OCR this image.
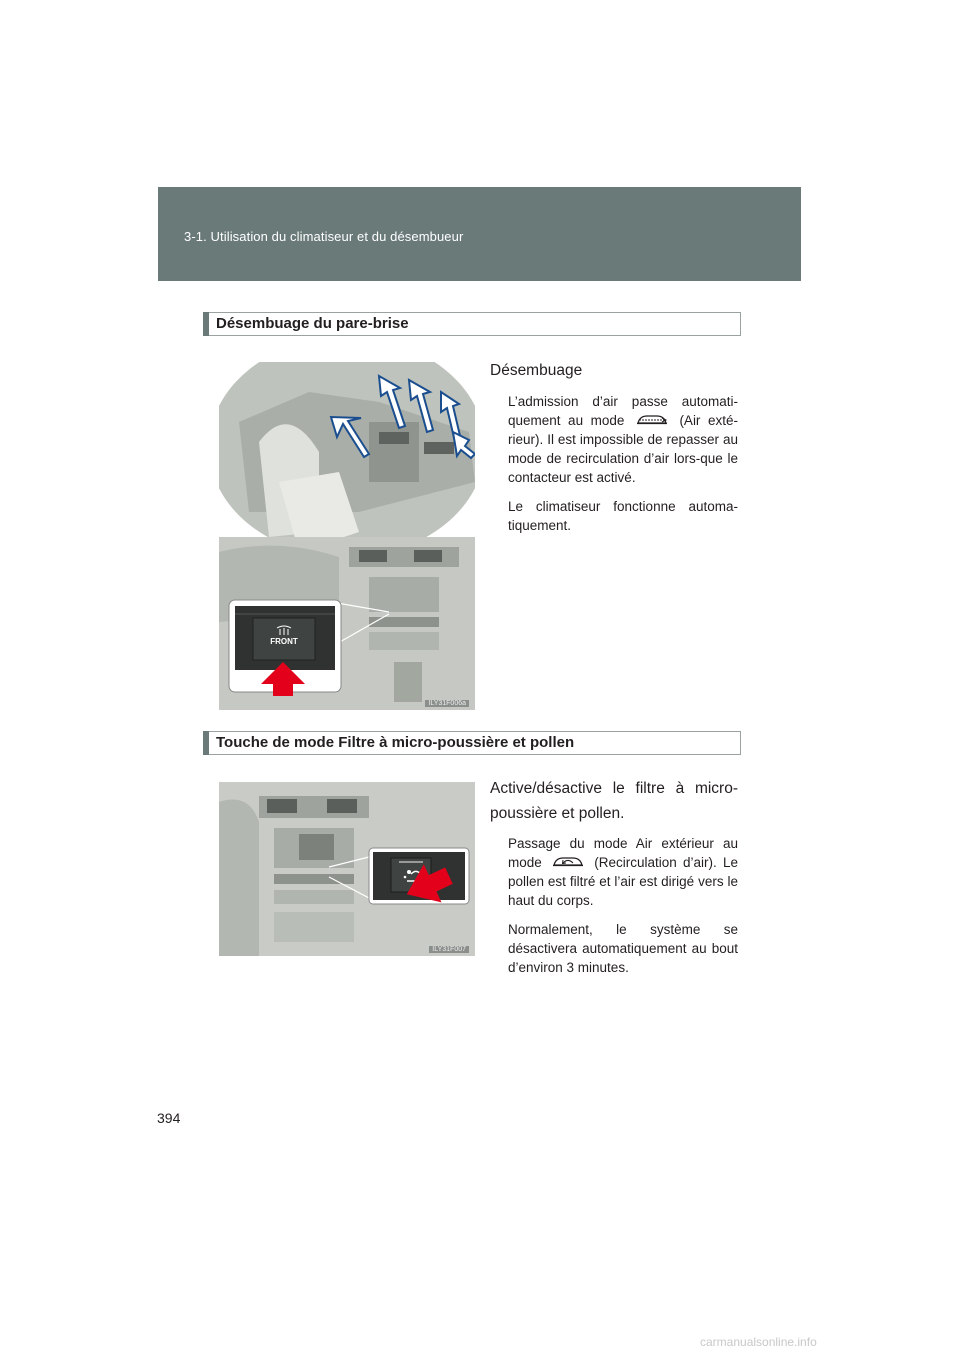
3-1. Utilisation du climatiseur et du désembueur
Désembuage du pare-brise
FRONT
ILY31F006a
Désembuage
L’admission d’air passe automati-quement au mode	(Air exté-rieur). Il est impossible de repasser au mode de recirculation d’air lors-que le contacteur est activé.
Le climatiseur fonctionne automa-tiquement.
Touche de mode Filtre à micro-poussière et pollen
ILY31F007
Active/désactive le filtre à micro-poussière et pollen.
Passage du mode Air extérieur au mode	(Recirculation d’air). Le pollen est filtré et l’air est dirigé vers le haut du corps.
Normalement, le système se désactivera automatiquement au bout d’environ 3 minutes.
394
carmanualsonline.info
